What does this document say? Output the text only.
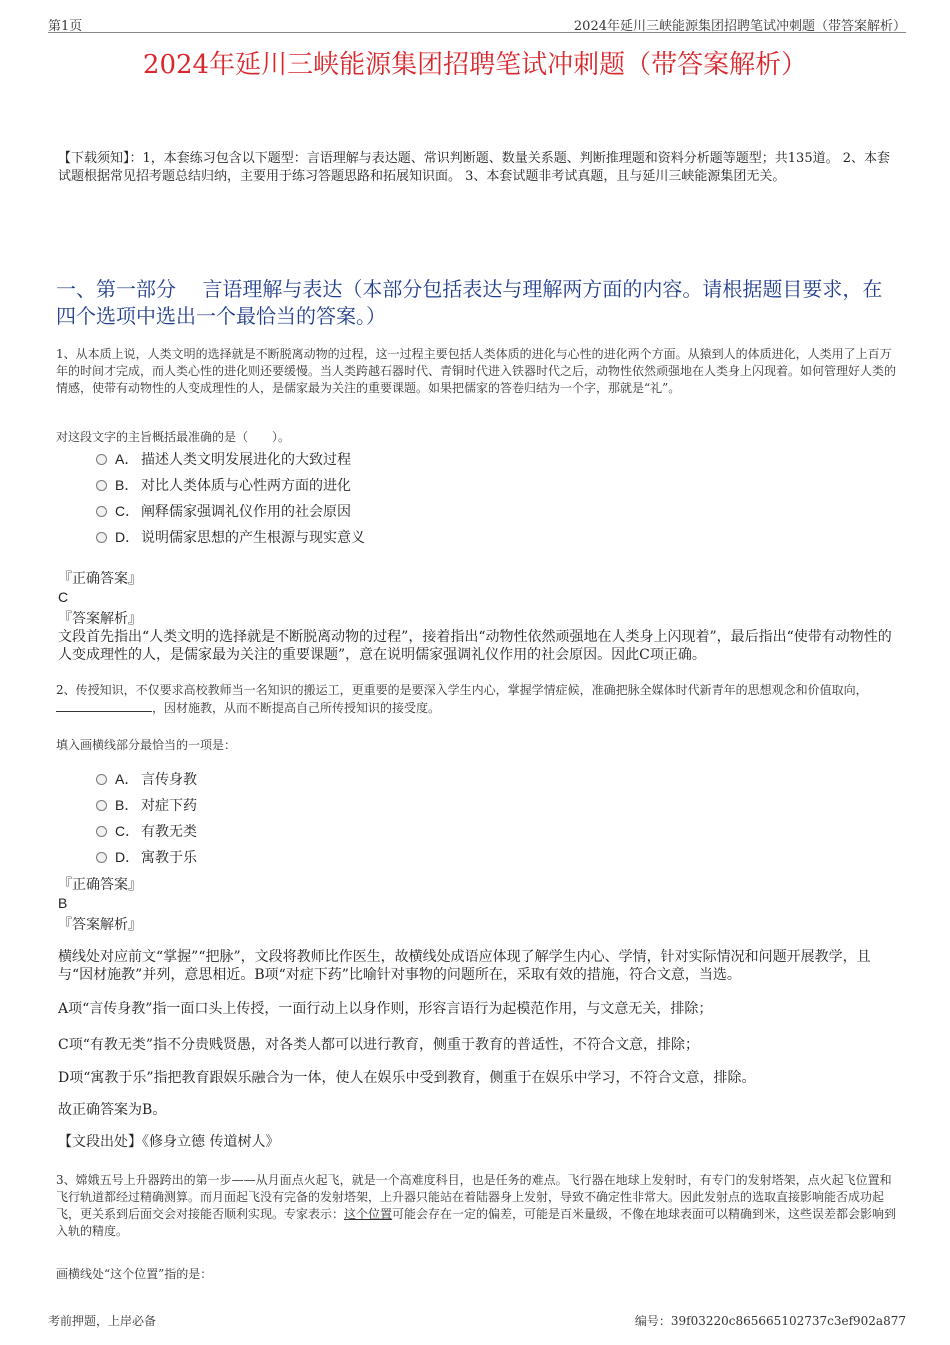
第1页	2024年延川三峡能源集团招聘笔试冲刺题（带答案解析）
2024年延川三峡能源集团招聘笔试冲刺题（带答案解析）
【下载须知】：1，本套练习包含以下题型：言语理解与表达题、常识判断题、数量关系题、判断推理题和资料分析题等题型；共135道。 2、本套试题根据常见招考题总结归纳，主要用于练习答题思路和拓展知识面。 3、本套试题非考试真题，且与延川三峡能源集团无关。
一、第一部分　 言语理解与表达（本部分包括表达与理解两方面的内容。请根据题目要求，在四个选项中选出一个最恰当的答案。）
1、从本质上说，人类文明的选择就是不断脱离动物的过程，这一过程主要包括人类体质的进化与心性的进化两个方面。从猿到人的体质进化，人类用了上百万年的时间才完成，而人类心性的进化则还要缓慢。当人类跨越石器时代、青铜时代进入铁器时代之后，动物性依然顽强地在人类身上闪现着。如何管理好人类的情感，使带有动物性的人变成理性的人，是儒家最为关注的重要课题。如果把儒家的答卷归结为一个字，那就是“礼”。
对这段文字的主旨概括最准确的是（　　）。
A． 描述人类文明发展进化的大致过程
B． 对比人类体质与心性两方面的进化
C． 阐释儒家强调礼仪作用的社会原因
D． 说明儒家思想的产生根源与现实意义
『正确答案』
C
『答案解析』
文段首先指出“人类文明的选择就是不断脱离动物的过程”，接着指出“动物性依然顽强地在人类身上闪现着”，最后指出“使带有动物性的人变成理性的人，是儒家最为关注的重要课题”，意在说明儒家强调礼仪作用的社会原因。因此C项正确。
2、传授知识，不仅要求高校教师当一名知识的搬运工，更重要的是要深入学生内心，掌握学情症候，准确把脉全媒体时代新青年的思想观念和价值取向，，因材施教，从而不断提高自己所传授知识的接受度。
填入画横线部分最恰当的一项是：
A． 言传身教
B． 对症下药
C． 有教无类
D． 寓教于乐
『正确答案』
B
『答案解析』
横线处对应前文“掌握”“把脉”，文段将教师比作医生，故横线处成语应体现了解学生内心、学情，针对实际情况和问题开展教学，且与“因材施教”并列，意思相近。B项“对症下药”比喻针对事物的问题所在，采取有效的措施，符合文意，当选。
A项“言传身教”指一面口头上传授，一面行动上以身作则，形容言语行为起模范作用，与文意无关，排除；
C项“有教无类”指不分贵贱贤愚，对各类人都可以进行教育，侧重于教育的普适性，不符合文意，排除；
D项“寓教于乐”指把教育跟娱乐融合为一体，使人在娱乐中受到教育，侧重于在娱乐中学习，不符合文意，排除。
故正确答案为B。
【文段出处】《修身立德 传道树人》
3、嫦娥五号上升器跨出的第一步——从月面点火起飞，就是一个高难度科目，也是任务的难点。飞行器在地球上发射时，有专门的发射塔架，点火起飞位置和飞行轨道都经过精确测算。而月面起飞没有完备的发射塔架，上升器只能站在着陆器身上发射，导致不确定性非常大。因此发射点的选取直接影响能否成功起飞，更关系到后面交会对接能否顺利实现。专家表示：这个位置可能会存在一定的偏差，可能是百米量级，不像在地球表面可以精确到米，这些误差都会影响到入轨的精度。
画横线处“这个位置”指的是：
考前押题，上岸必备	编号：39f03220c865665102737c3ef902a877
